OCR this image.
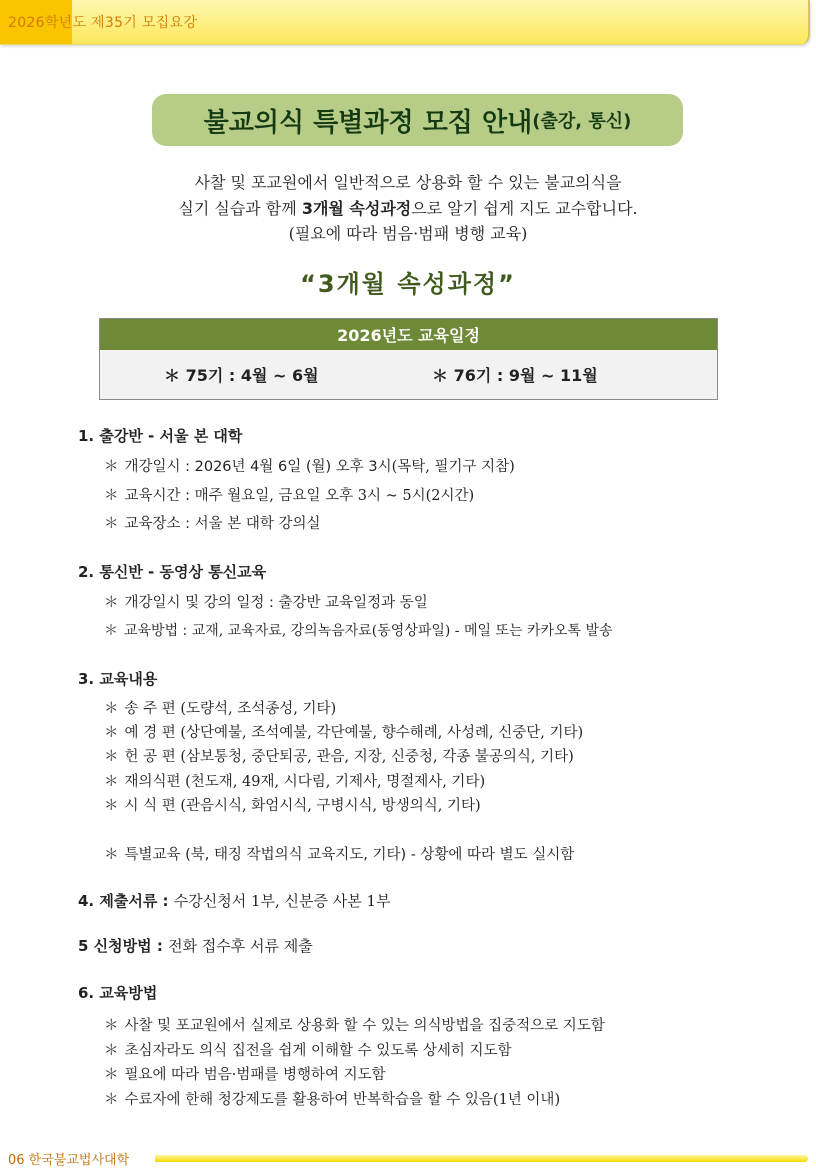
2026학년도 제35기 모집요강
불교의식 특별과정 모집 안내 (출강, 통신)
사찰 및 포교원에서 일반적으로 상용화 할 수 있는 불교의식을
실기 실습과 함께 3개월 속성과정으로 알기 쉽게 지도 교수합니다.
(필요에 따라 범음·범패 병행 교육)
“3개월 속성과정”
2026년도 교육일정
＊ 75기 : 4월 ~ 6월	＊ 76기 : 9월 ~ 11월
1. 출강반 - 서울 본 대학
＊ 개강일시 : 2026년 4월 6일 (월) 오후 3시(목탁, 필기구 지참)
＊ 교육시간 : 매주 월요일, 금요일 오후 3시 ~ 5시(2시간)
＊ 교육장소 : 서울 본 대학 강의실
2. 통신반 - 동영상 통신교육
＊ 개강일시 및 강의 일정 : 출강반 교육일정과 동일
＊ 교육방법 : 교재, 교육자료, 강의녹음자료(동영상파일) - 메일 또는 카카오톡 발송
3. 교육내용
＊ 송 주 편 (도량석, 조석종성, 기타)
＊ 예 경 편 (상단예불, 조석예불, 각단예불, 향수해례, 사성례, 신중단, 기타)
＊ 헌 공 편 (삼보통청, 중단퇴공, 관음, 지장, 신중청, 각종 불공의식, 기타)
＊ 재의식편 (천도재, 49재, 시다림, 기제사, 명절제사, 기타)
＊ 시 식 편 (관음시식, 화엄시식, 구병시식, 방생의식, 기타)
＊ 특별교육 (북, 태징 작법의식 교육지도, 기타) - 상황에 따라 별도 실시함
4. 제출서류 : 수강신청서 1부, 신분증 사본 1부
5 신청방법 : 전화 접수후 서류 제출
6. 교육방법
＊ 사찰 및 포교원에서 실제로 상용화 할 수 있는 의식방법을 집중적으로 지도함
＊ 초심자라도 의식 집전을 쉽게 이해할 수 있도록 상세히 지도함
＊ 필요에 따라 범음·범패를 병행하여 지도함
＊ 수료자에 한해 청강제도를 활용하여 반복학습을 할 수 있음(1년 이내)
06 한국불교법사대학
